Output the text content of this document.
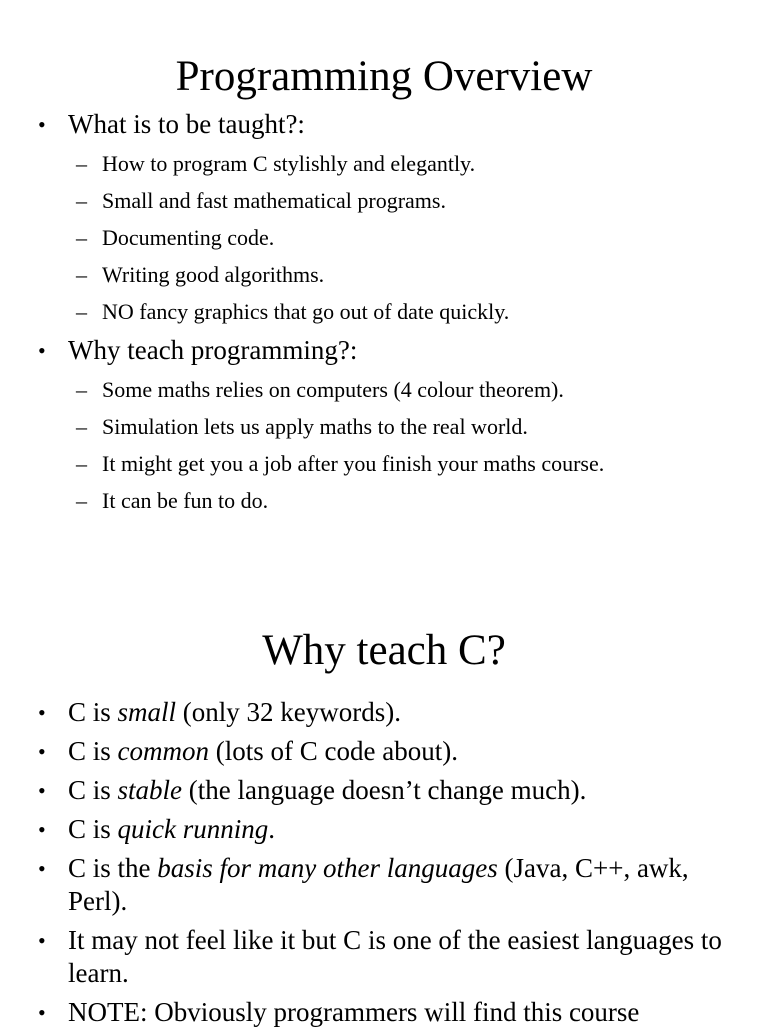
Programming Overview
• What is to be taught?:
– How to program C stylishly and elegantly.
– Small and fast mathematical programs.
– Documenting code.
– Writing good algorithms.
– NO fancy graphics that go out of date quickly.
• Why teach programming?:
– Some maths relies on computers (4 colour theorem).
– Simulation lets us apply maths to the real world.
– It might get you a job after you finish your maths course.
– It can be fun to do.
Why teach C?
• C is small (only 32 keywords).
• C is common (lots of C code about).
• C is stable (the language doesn’t change much).
• C is quick running.
• C is the basis for many other languages (Java, C++, awk, Perl).
• It may not feel like it but C is one of the easiest languages to learn.
• NOTE: Obviously programmers will find this course
